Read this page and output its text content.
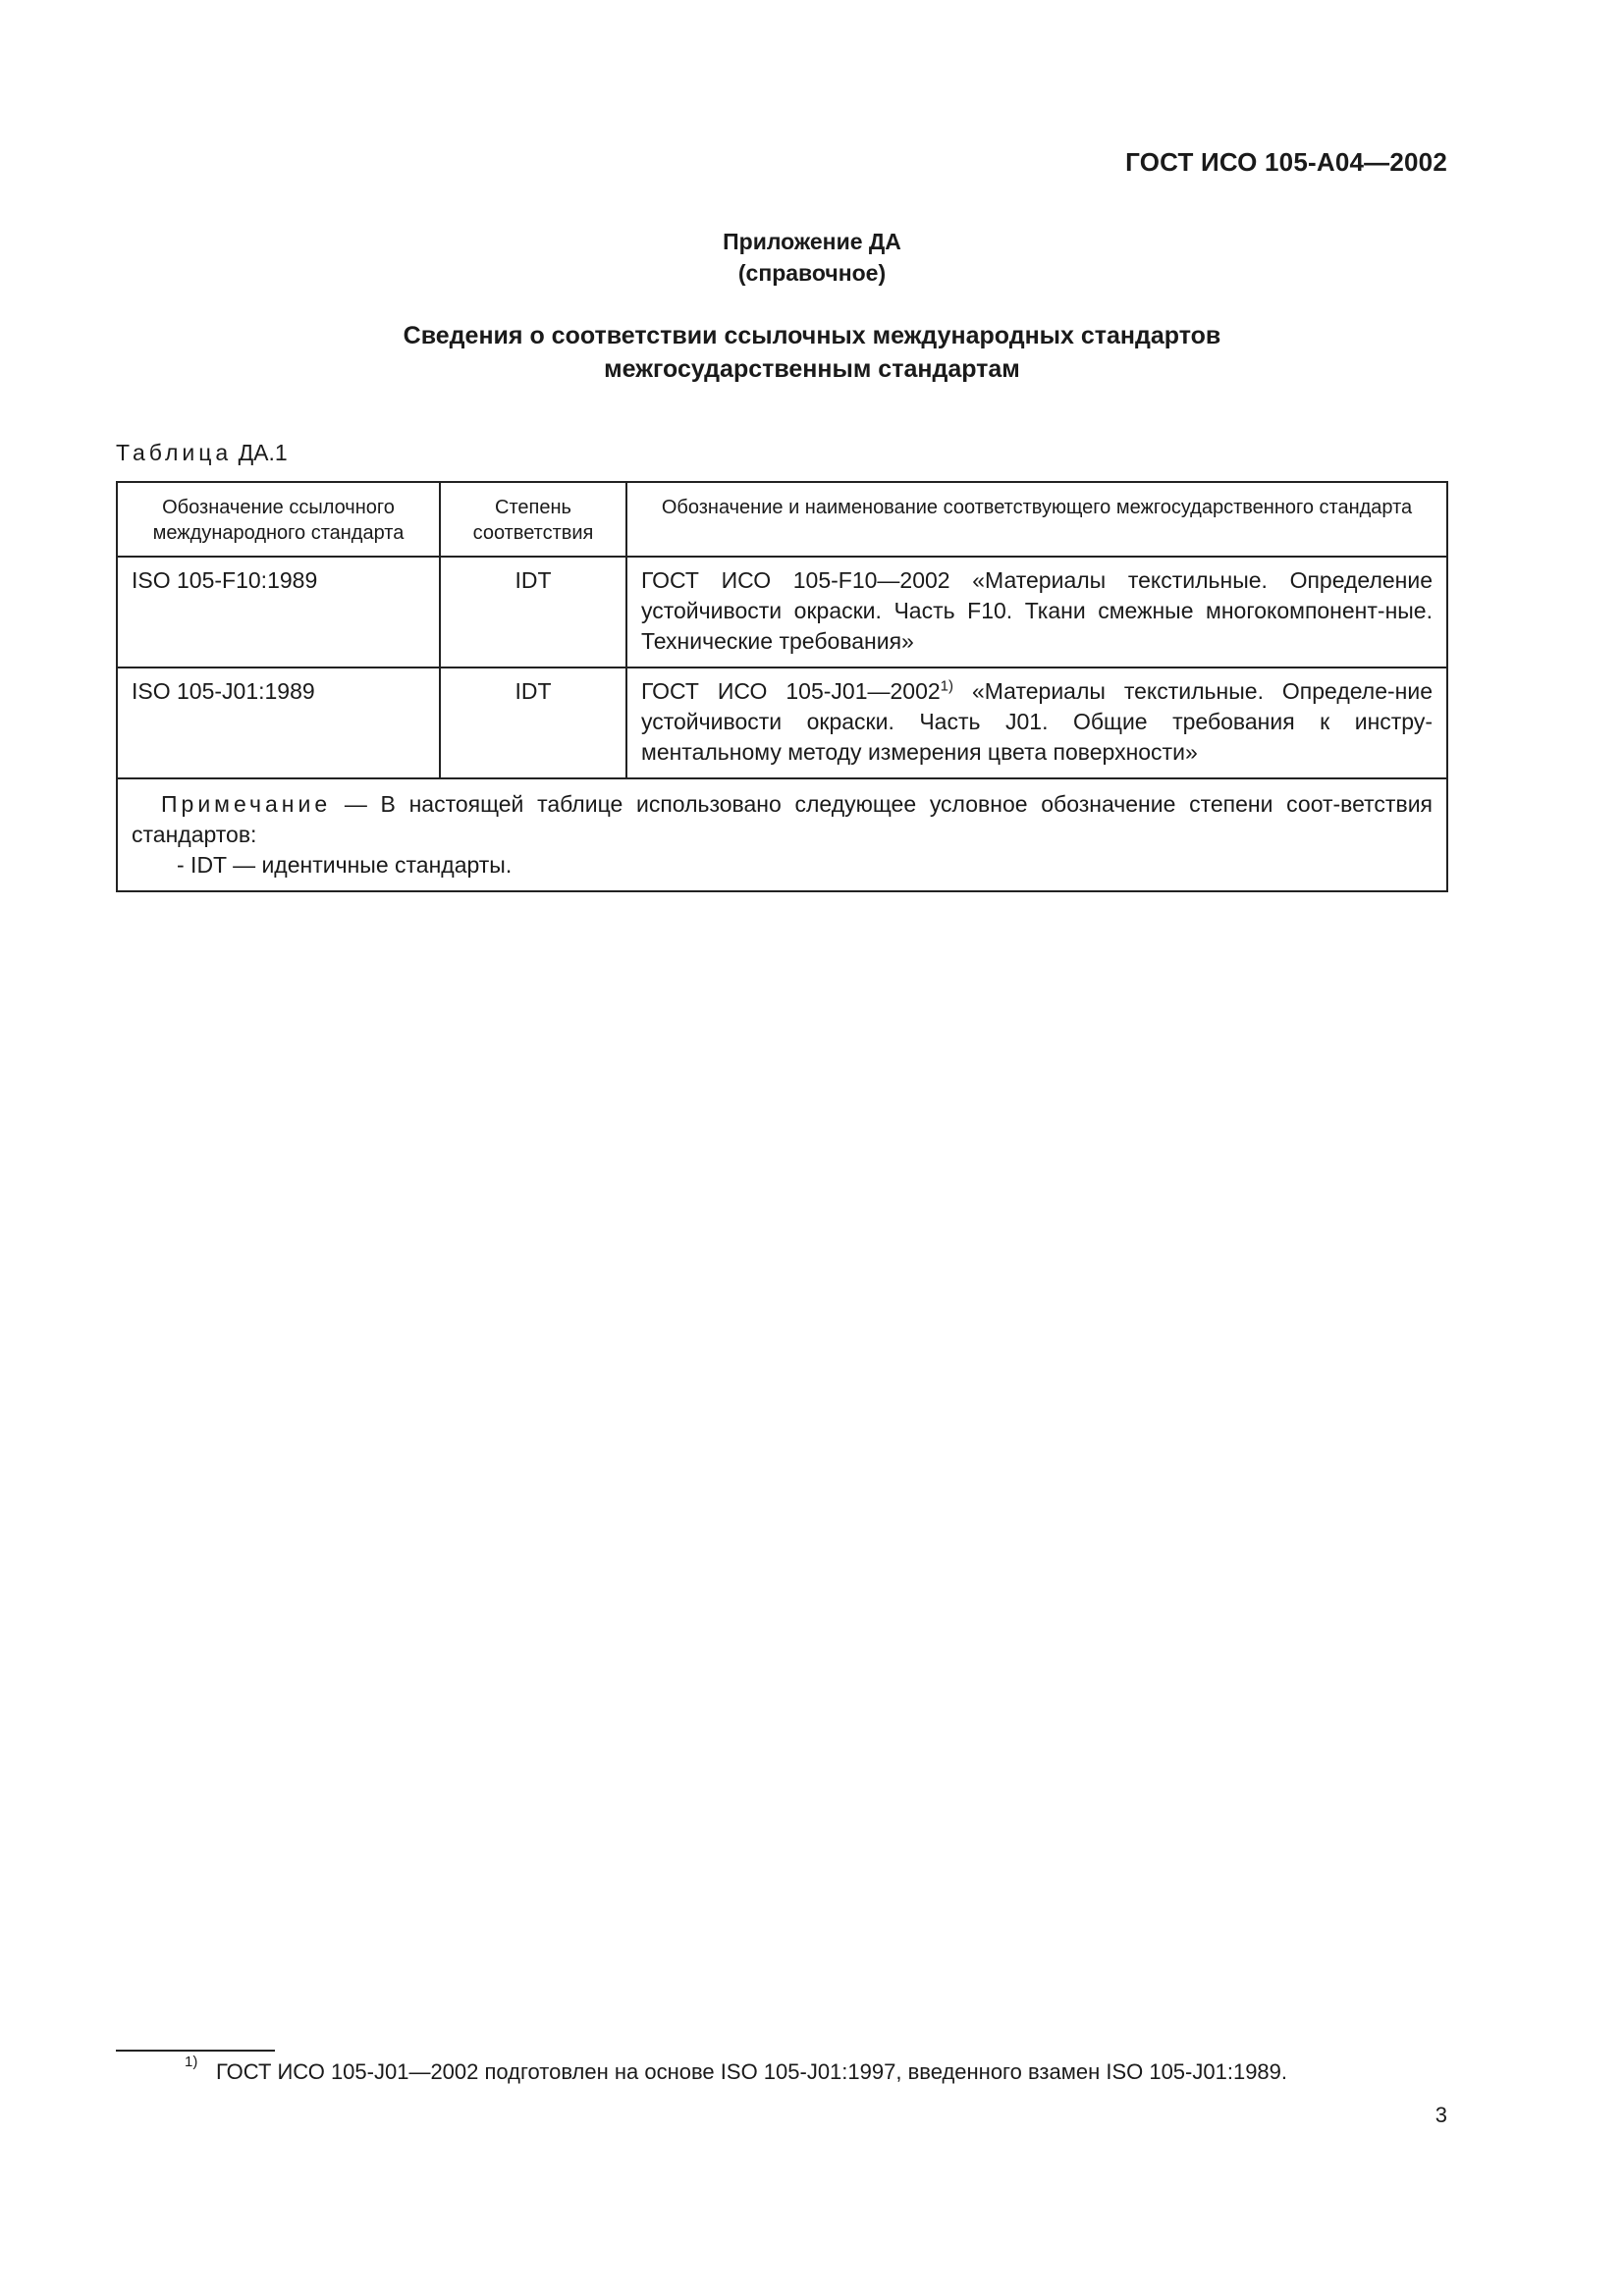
ГОСТ ИСО 105-А04—2002
Приложение ДА
(справочное)
Сведения о соответствии ссылочных международных стандартов
межгосударственным стандартам
Таблица ДА.1
Обозначение ссылочного международного стандарта	Степень соответствия	Обозначение и наименование соответствующего межгосударственного стандарта
ISO 105-F10:1989	IDT	ГОСТ ИСО 105-F10—2002 «Материалы текстильные. Определение устойчивости окраски. Часть F10. Ткани смежные многокомпонент-ные. Технические требования»
ISO 105-J01:1989	IDT	ГОСТ ИСО 105-J01—2002$^{1)}$ «Материалы текстильные. Определе-ние устойчивости окраски. Часть J01. Общие требования к инстру-ментальному методу измерения цвета поверхности»

Примечание — В настоящей таблице использовано следующее условное обозначение степени соот-ветствия стандартов:
- IDT — идентичные стандарты.		
1) ГОСТ ИСО 105-J01—2002 подготовлен на основе ISO 105-J01:1997, введенного взамен ISO 105-J01:1989.
3
